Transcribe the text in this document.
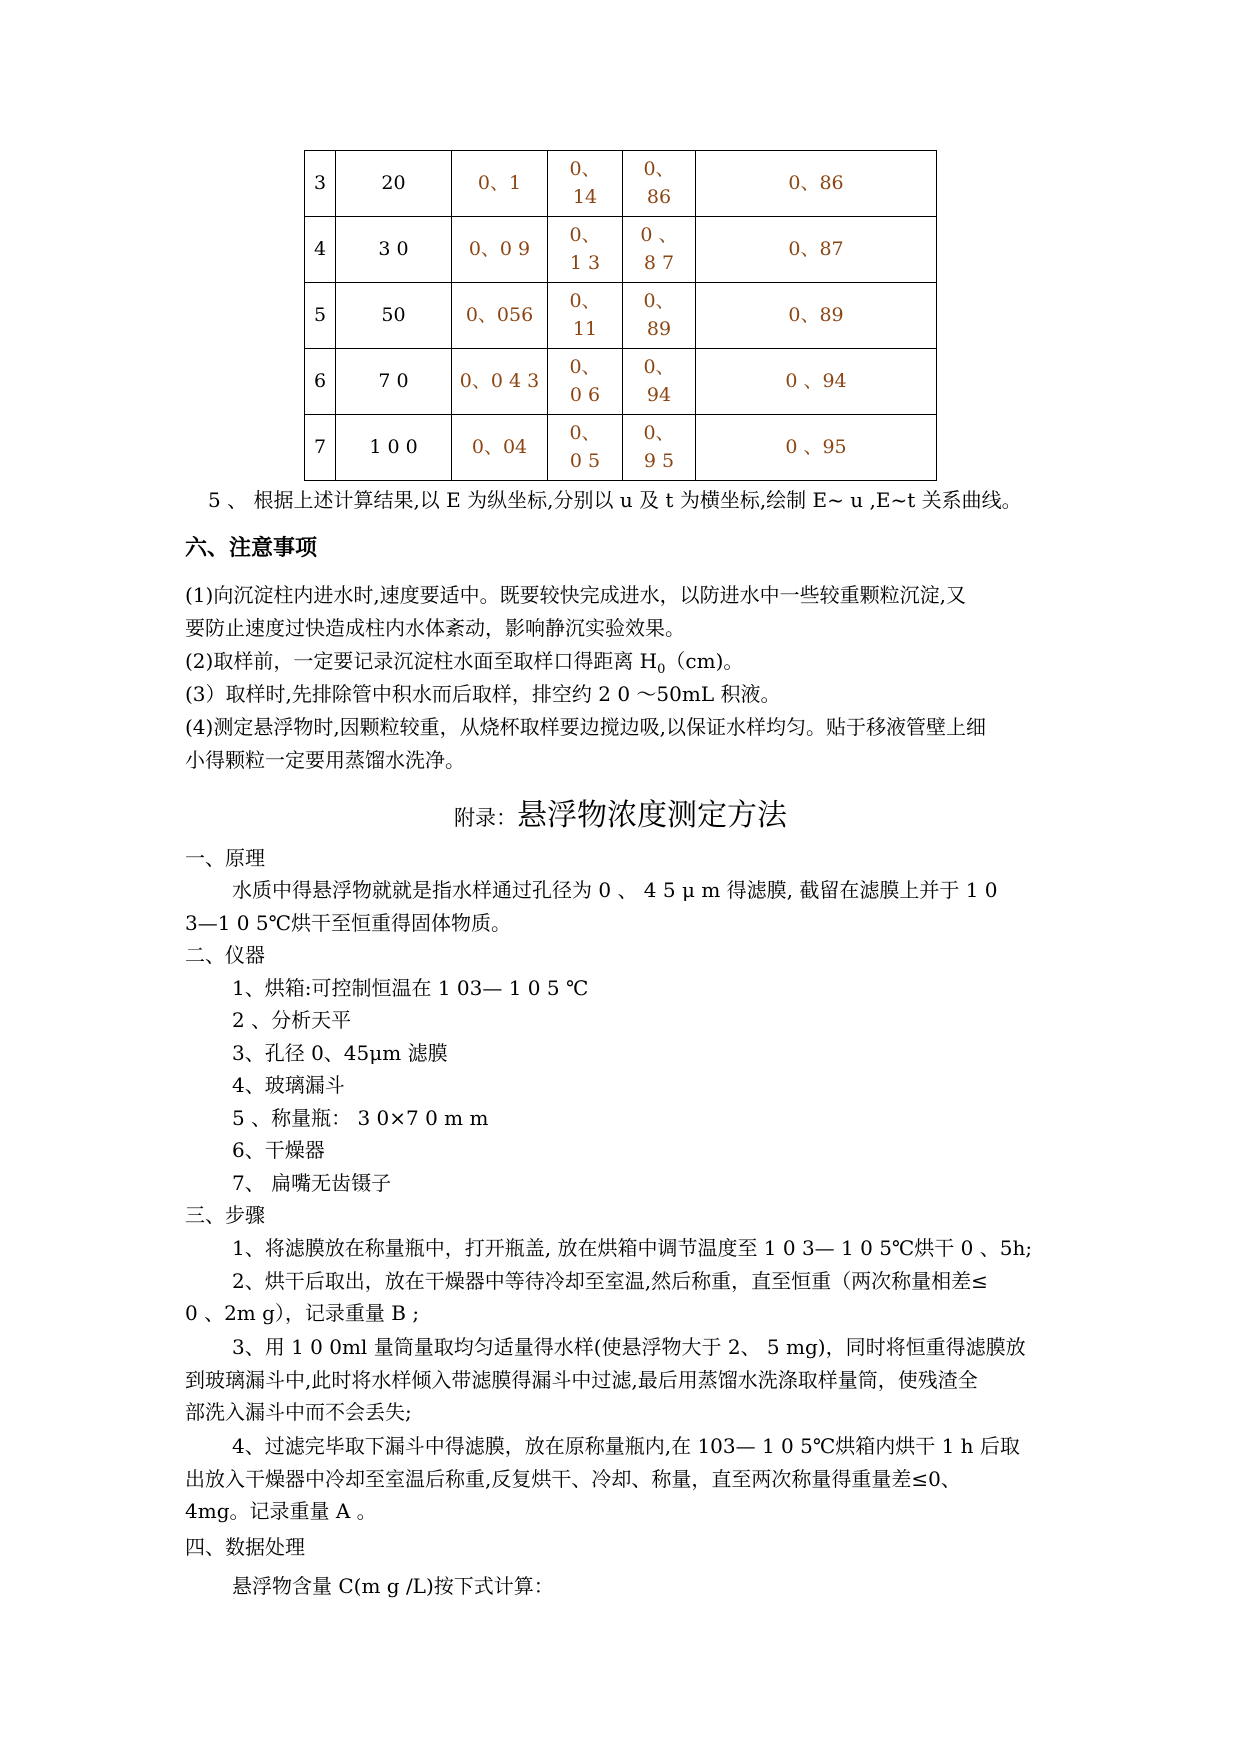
3	20	0、1	0、14	0、86	0、86
4	3 0	0、0 9	0、 1 3	0 、 8 7	0、87
5	50	0、056	0、 11	0、89	0、89
6	7 0	0、0 4 3	0、0 6	0、94	0 、94
7	1 0 0	0、04	0、0 5	0、9 5	0 、95
5 、 根据上述计算结果,以 E 为纵坐标,分别以 u 及 t 为横坐标,绘制 E~ u ,E~t 关系曲线。
六、注意事项
(1)向沉淀柱内进水时,速度要适中。既要较快完成进水，以防进水中一些较重颗粒沉淀,又
要防止速度过快造成柱内水体紊动，影响静沉实验效果。
(2)取样前，一定要记录沉淀柱水面至取样口得距离 $H_0(cm)$。
(3）取样时,先排除管中积水而后取样，排空约 2 0 ～50mL 积液。
(4)测定悬浮物时,因颗粒较重，从烧杯取样要边搅边吸,以保证水样均匀。贴于移液管壁上细
小得颗粒一定要用蒸馏水洗净。
附录：悬浮物浓度测定方法
一、原理
水质中得悬浮物就就是指水样通过孔径为 0 、 4 5 μ m 得滤膜, 截留在滤膜上并于 1 0
3—1 0 5℃烘干至恒重得固体物质。
二、仪器
1、烘箱:可控制恒温在 1 03— 1 0 5 ℃
2 、分析天平
3、孔径 0、45μm 滤膜
4、玻璃漏斗
5 、称量瓶： 3 0×7 0 m m
6、干燥器
7、 扁嘴无齿镊子
三、步骤
1、将滤膜放在称量瓶中，打开瓶盖, 放在烘箱中调节温度至 1 0 3— 1 0 5℃烘干 0 、5h;
2、烘干后取出，放在干燥器中等待冷却至室温,然后称重，直至恒重（两次称量相差≤
0 、2m g），记录重量 B ;
3、用 1 0 0ml 量筒量取均匀适量得水样(使悬浮物大于 2、 5 mg)，同时将恒重得滤膜放
到玻璃漏斗中,此时将水样倾入带滤膜得漏斗中过滤,最后用蒸馏水洗涤取样量筒，使残渣全
部洗入漏斗中而不会丢失;
4、过滤完毕取下漏斗中得滤膜，放在原称量瓶内,在 103— 1 0 5℃烘箱内烘干 1 h 后取
出放入干燥器中冷却至室温后称重,反复烘干、冷却、称量，直至两次称量得重量差≤0、
4mg。记录重量 A 。
四、数据处理
悬浮物含量 C(m g /L)按下式计算：
